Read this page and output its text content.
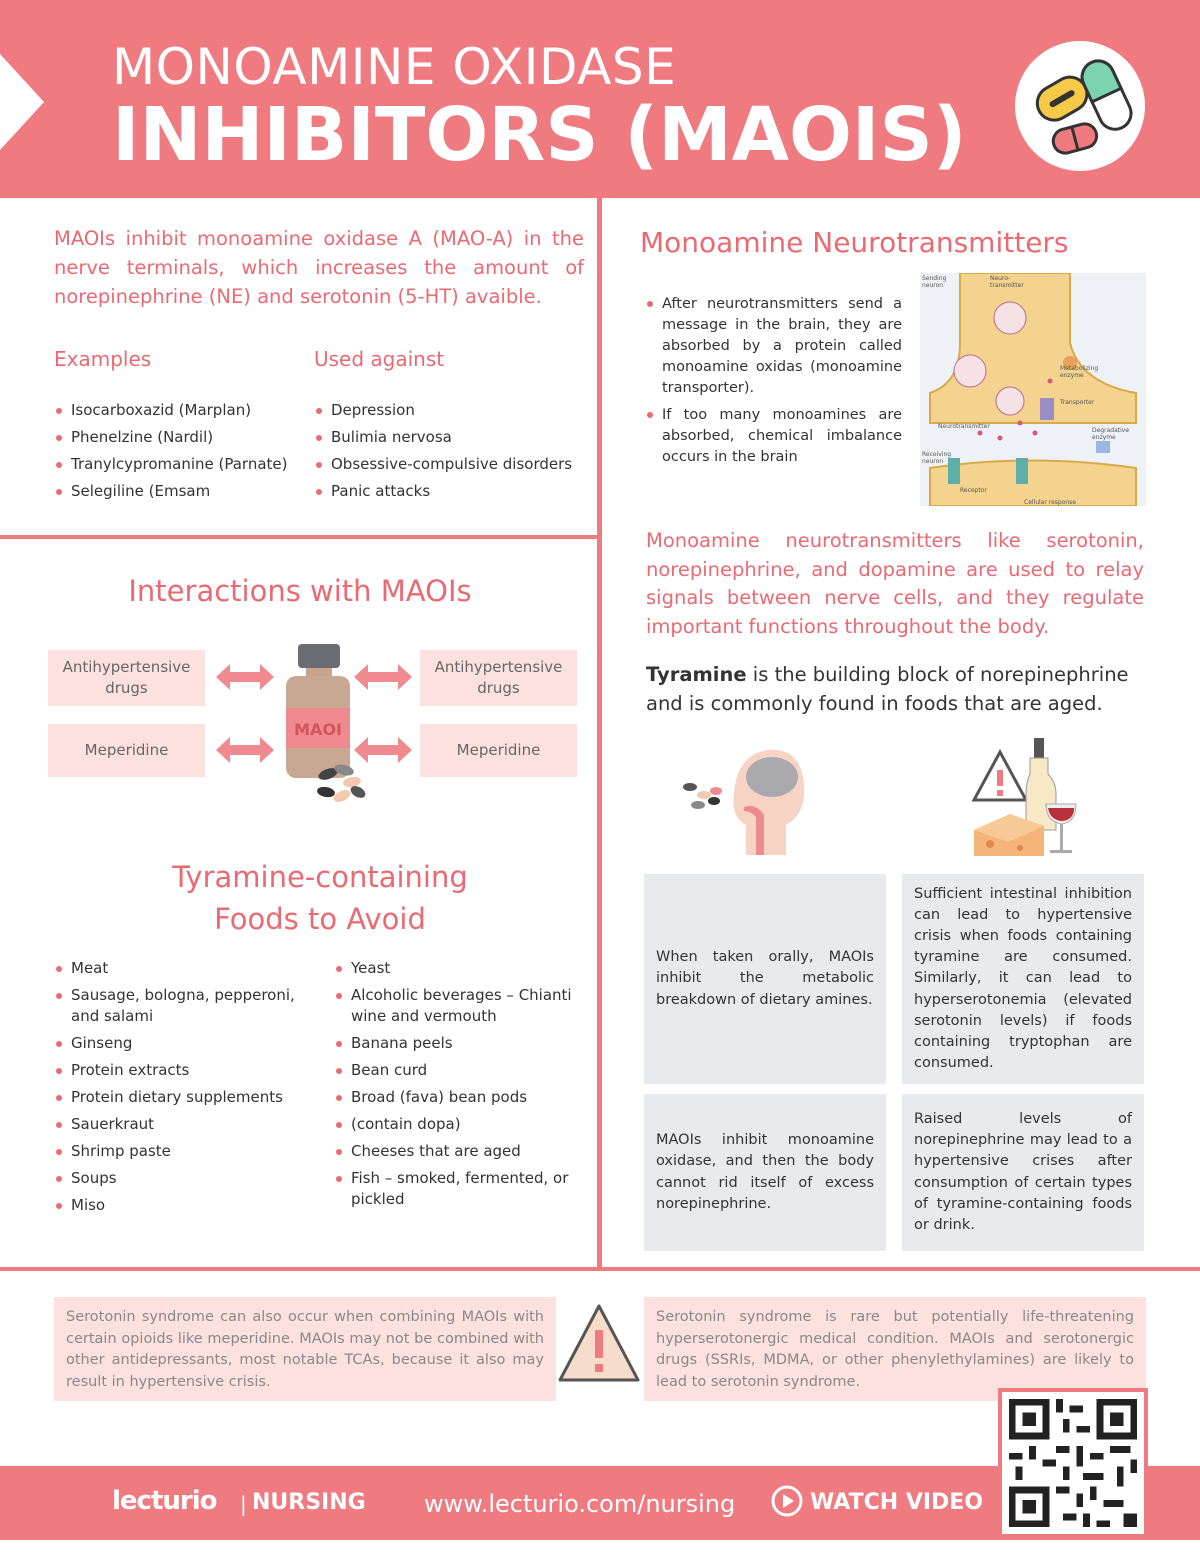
MONOAMINE OXIDASE
INHIBITORS (MAOIS)
MAOIs inhibit monoamine oxidase A (MAO-A) in the nerve terminals, which increases the amount of norepinephrine (NE) and serotonin (5-HT) avaible.
Examples
Isocarboxazid (Marplan)
Phenelzine (Nardil)
Tranylcypromanine (Parnate)
Selegiline (Emsam
Used against
Depression
Bulimia nervosa
Obsessive-compulsive disorders
Panic attacks
Interactions with MAOIs
Antihypertensive drugs
Meperidine
Antihypertensive drugs
Meperidine
MAOI
Tyramine-containing
Foods to Avoid
Meat
Sausage, bologna, pepperoni, and salami
Ginseng
Protein extracts
Protein dietary supplements
Sauerkraut
Shrimp paste
Soups
Miso
Yeast
Alcoholic beverages – Chianti wine and vermouth
Banana peels
Bean curd
Broad (fava) bean pods
(contain dopa)
Cheeses that are aged
Fish – smoked, fermented, or pickled
Monoamine Neurotransmitters
After neurotransmitters send a message in the brain, they are absorbed by a protein called monoamine oxidas (monoamine transporter).
If too many monoamines are absorbed, chemical imbalance occurs in the brain
Sending neuron
Neuro-transmitter
Metabolizing enzyme
Transporter
Neurotransmitter
Degradative enzyme
Receiving neuron
Receptor
Cellular response
Monoamine neurotransmitters like serotonin, norepinephrine, and dopamine are used to relay signals between nerve cells, and they regulate important functions throughout the body.
Tyramine is the building block of norepinephrine and is commonly found in foods that are aged.
When taken orally, MAOIs inhibit the metabolic breakdown of dietary amines.
Sufficient intestinal inhibition can lead to hypertensive crisis when foods containing tyramine are consumed. Similarly, it can lead to hyperserotonemia (elevated serotonin levels) if foods containing tryptophan are consumed.
MAOIs inhibit monoamine oxidase, and then the body cannot rid itself of excess norepinephrine.
Raised levels of norepinephrine may lead to a hypertensive crises after consumption of certain types of tyramine-containing foods or drink.
Serotonin syndrome can also occur when combining MAOIs with certain opioids like meperidine. MAOIs may not be combined with other antidepressants, most notable TCAs, because it also may result in hypertensive crisis.
Serotonin syndrome is rare but potentially life-threatening hyperserotonergic medical condition. MAOIs and serotonergic drugs (SSRIs, MDMA, or other phenylethylamines) are likely to lead to serotonin syndrome.
lecturio | NURSING www.lecturio.com/nursing	WATCH VIDEO
